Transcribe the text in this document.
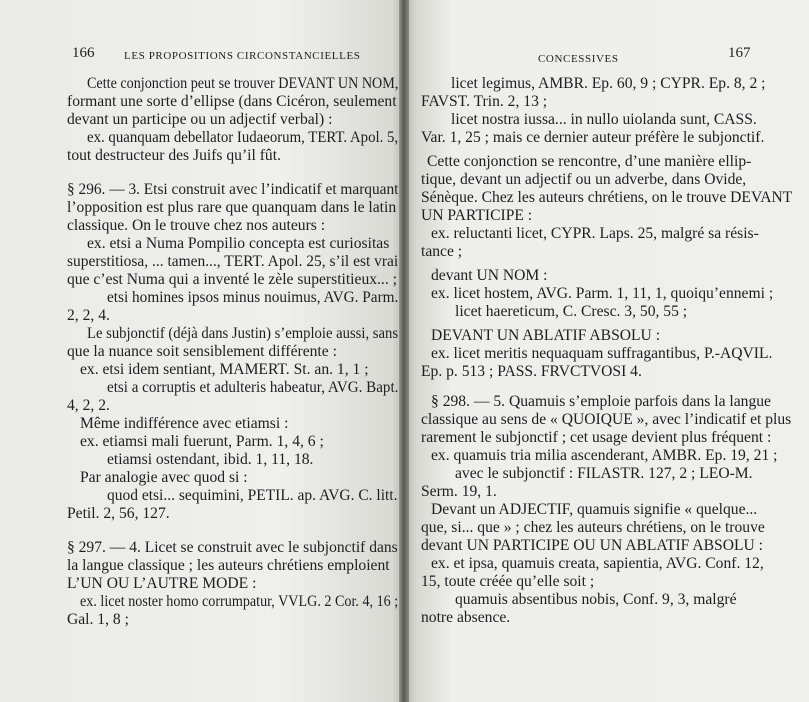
166	LES PROPOSITIONS CIRCONSTANCIELLES
Cette conjonction peut se trouver DEVANT UN NOM,
formant une sorte d’ellipse (dans Cicéron, seulement
devant un participe ou un adjectif verbal) :
ex. quanquam debellator Iudaeorum, TERT. Apol. 5,
tout destructeur des Juifs qu’il fût.
§ 296. — 3. Etsi construit avec l’indicatif et marquant
l’opposition est plus rare que quanquam dans le latin
classique. On le trouve chez nos auteurs :
ex. etsi a Numa Pompilio concepta est curiositas
superstitiosa, ... tamen..., TERT. Apol. 25, s’il est vrai
que c’est Numa qui a inventé le zèle superstitieux... ;
etsi homines ipsos minus nouimus, AVG. Parm.
2, 2, 4.
Le subjonctif (déjà dans Justin) s’emploie aussi, sans
que la nuance soit sensiblement différente :
ex. etsi idem sentiant, MAMERT. St. an. 1, 1 ;
etsi a corruptis et adulteris habeatur, AVG. Bapt.
4, 2, 2.
Même indifférence avec etiamsi :
ex. etiamsi mali fuerunt, Parm. 1, 4, 6 ;
etiamsi ostendant, ibid. 1, 11, 18.
Par analogie avec quod si :
quod etsi... sequimini, PETIL. ap. AVG. C. litt.
Petil. 2, 56, 127.
§ 297. — 4. Licet se construit avec le subjonctif dans
la langue classique ; les auteurs chrétiens emploient
L’UN OU L’AUTRE MODE :
ex. licet noster homo corrumpatur, VVLG. 2 Cor. 4, 16 ;
Gal. 1, 8 ;
CONCESSIVES	167
licet legimus, AMBR. Ep. 60, 9 ; CYPR. Ep. 8, 2 ;
FAVST. Trin. 2, 13 ;
licet nostra iussa... in nullo uiolanda sunt, CASS.
Var. 1, 25 ; mais ce dernier auteur préfère le subjonctif.
Cette conjonction se rencontre, d’une manière ellip-
tique, devant un adjectif ou un adverbe, dans Ovide,
Sénèque. Chez les auteurs chrétiens, on le trouve DEVANT
UN PARTICIPE :
ex. reluctanti licet, CYPR. Laps. 25, malgré sa résis-
tance ;
devant UN NOM :
ex. licet hostem, AVG. Parm. 1, 11, 1, quoiqu’ennemi ;
licet haereticum, C. Cresc. 3, 50, 55 ;
DEVANT UN ABLATIF ABSOLU :
ex. licet meritis nequaquam suffragantibus, P.-AQVIL.
Ep. p. 513 ; PASS. FRVCTVOSI 4.
§ 298. — 5. Quamuis s’emploie parfois dans la langue
classique au sens de « QUOIQUE », avec l’indicatif et plus
rarement le subjonctif ; cet usage devient plus fréquent :
ex. quamuis tria milia ascenderant, AMBR. Ep. 19, 21 ;
avec le subjonctif : FILASTR. 127, 2 ; LEO-M.
Serm. 19, 1.
Devant un ADJECTIF, quamuis signifie « quelque...
que, si... que » ; chez les auteurs chrétiens, on le trouve
devant UN PARTICIPE OU UN ABLATIF ABSOLU :
ex. et ipsa, quamuis creata, sapientia, AVG. Conf. 12,
15, toute créée qu’elle soit ;
quamuis absentibus nobis, Conf. 9, 3, malgré
notre absence.
